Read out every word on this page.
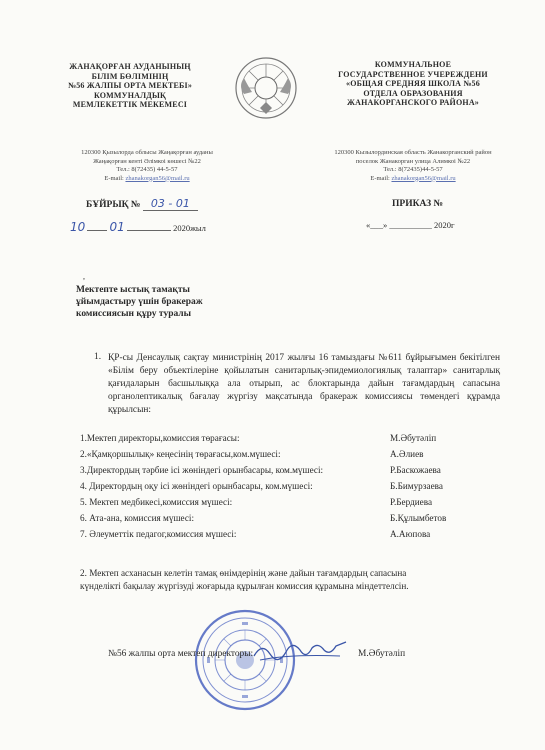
ЖАНАҚОРҒАН АУДАНЫНЫҢ
БІЛІМ БӨЛІМІНІҢ
№56 ЖАЛПЫ ОРТА МЕКТЕБІ»
КОММУНАЛДЫҚ
МЕМЛЕКЕТТІК МЕКЕМЕСІ
КОММУНАЛЬНОЕ
ГОСУДАРСТВЕННОЕ УЧЕРЕЖДЕНИ
«ОБЩАЯ СРЕДНЯЯ ШКОЛА №56
ОТДЕЛА ОБРАЗОВАНИЯ
ЖАНАКОРГАНСКОГО РАЙОНА»
120300 Қызылорда облысы Жаңақорған ауданы
Жаңақорған кенті Әлімкоі көшесі №22
Тел.: 8(72435) 44-5-57
E-mail: zhanakorgan56@mail.ru
120300 Кызылординская область Жанакорганский район
поселок Жанакорган улица Алимкоі №22
Тел.: 8(72435)44-5-57
E-mail: zhanakorgan56@mail.ru
БҰЙРЫҚ № 03 - 01
10 01	2020жыл
ПРИКАЗ №
«___» __________ 2020г
,
Мектепте ыстық тамақты
ұйымдастыру үшін бракераж
комиссиясын құру туралы
1. ҚР-сы Денсаулық сақтау министрінің 2017 жылғы 16 тамыздағы №611 бұйрығымен бекітілген «Білім беру объектілеріне қойылатын санитарлық-эпидемиологиялық талаптар» санитарлық қағидаларын басшылыққа ала отырып, ас блоктарында дайын тағамдардың сапасына органолептикалық бағалау жүргізу мақсатында бракераж комиссиясы төмендегі құрамда құрылсын:
1.Мектеп директоры,комиссия төрағасы:	М.Әбутәліп
2.«Қамқоршылық» кеңесінің төрағасы,ком.мүшесі:	А.Әлиев
3.Директордың тәрбие ісі жөніндегі орынбасары, ком.мүшесі:	Р.Баскожаева
4. Директордың оқу ісі жөніндегі орынбасары, ком.мүшесі:	Б.Бимурзаева
5. Мектеп медбикесі,комиссия мүшесі:	Р.Бердиева
6. Ата-ана, комиссия мүшесі:	Б.Құлымбетов
7. Әлеуметтік педагог,комиссия мүшесі:	А.Аюпова
2. Мектеп асханасын келетін тамақ өнімдерінің және дайын тағамдардың сапасына
күнделікті бақылау жүргізуді жоғарыда құрылған комиссия құрамына міндеттелсін.
№56 жалпы орта мектеп директоры:	М.Әбутәліп
